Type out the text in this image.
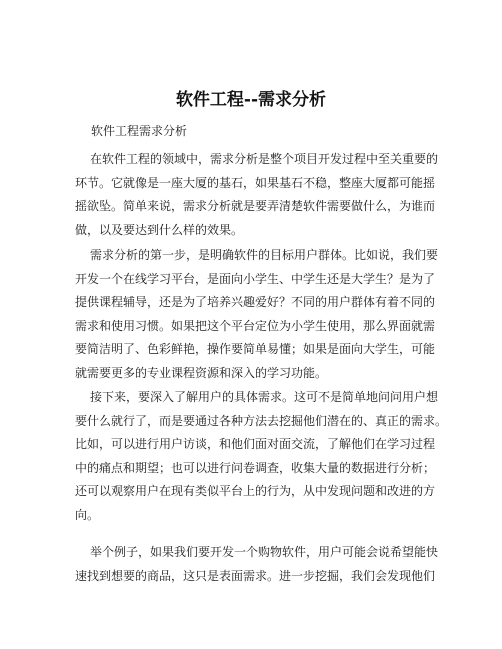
软件工程--需求分析

软件工程需求分析

在软件工程的领域中，需求分析是整个项目开发过程中至关重要的
环节。它就像是一座大厦的基石，如果基石不稳，整座大厦都可能摇
摇欲坠。简单来说，需求分析就是要弄清楚软件需要做什么，为谁而
做，以及要达到什么样的效果。
需求分析的第一步，是明确软件的目标用户群体。比如说，我们要
开发一个在线学习平台，是面向小学生、中学生还是大学生？是为了
提供课程辅导，还是为了培养兴趣爱好？不同的用户群体有着不同的
需求和使用习惯。如果把这个平台定位为小学生使用，那么界面就需
要简洁明了、色彩鲜艳，操作要简单易懂；如果是面向大学生，可能
就需要更多的专业课程资源和深入的学习功能。
接下来，要深入了解用户的具体需求。这可不是简单地问问用户想
要什么就行了，而是要通过各种方法去挖掘他们潜在的、真正的需求。
比如，可以进行用户访谈，和他们面对面交流，了解他们在学习过程
中的痛点和期望；也可以进行问卷调查，收集大量的数据进行分析；
还可以观察用户在现有类似平台上的行为，从中发现问题和改进的方
向。
举个例子，如果我们要开发一个购物软件，用户可能会说希望能快
速找到想要的商品，这只是表面需求。进一步挖掘，我们会发现他们
